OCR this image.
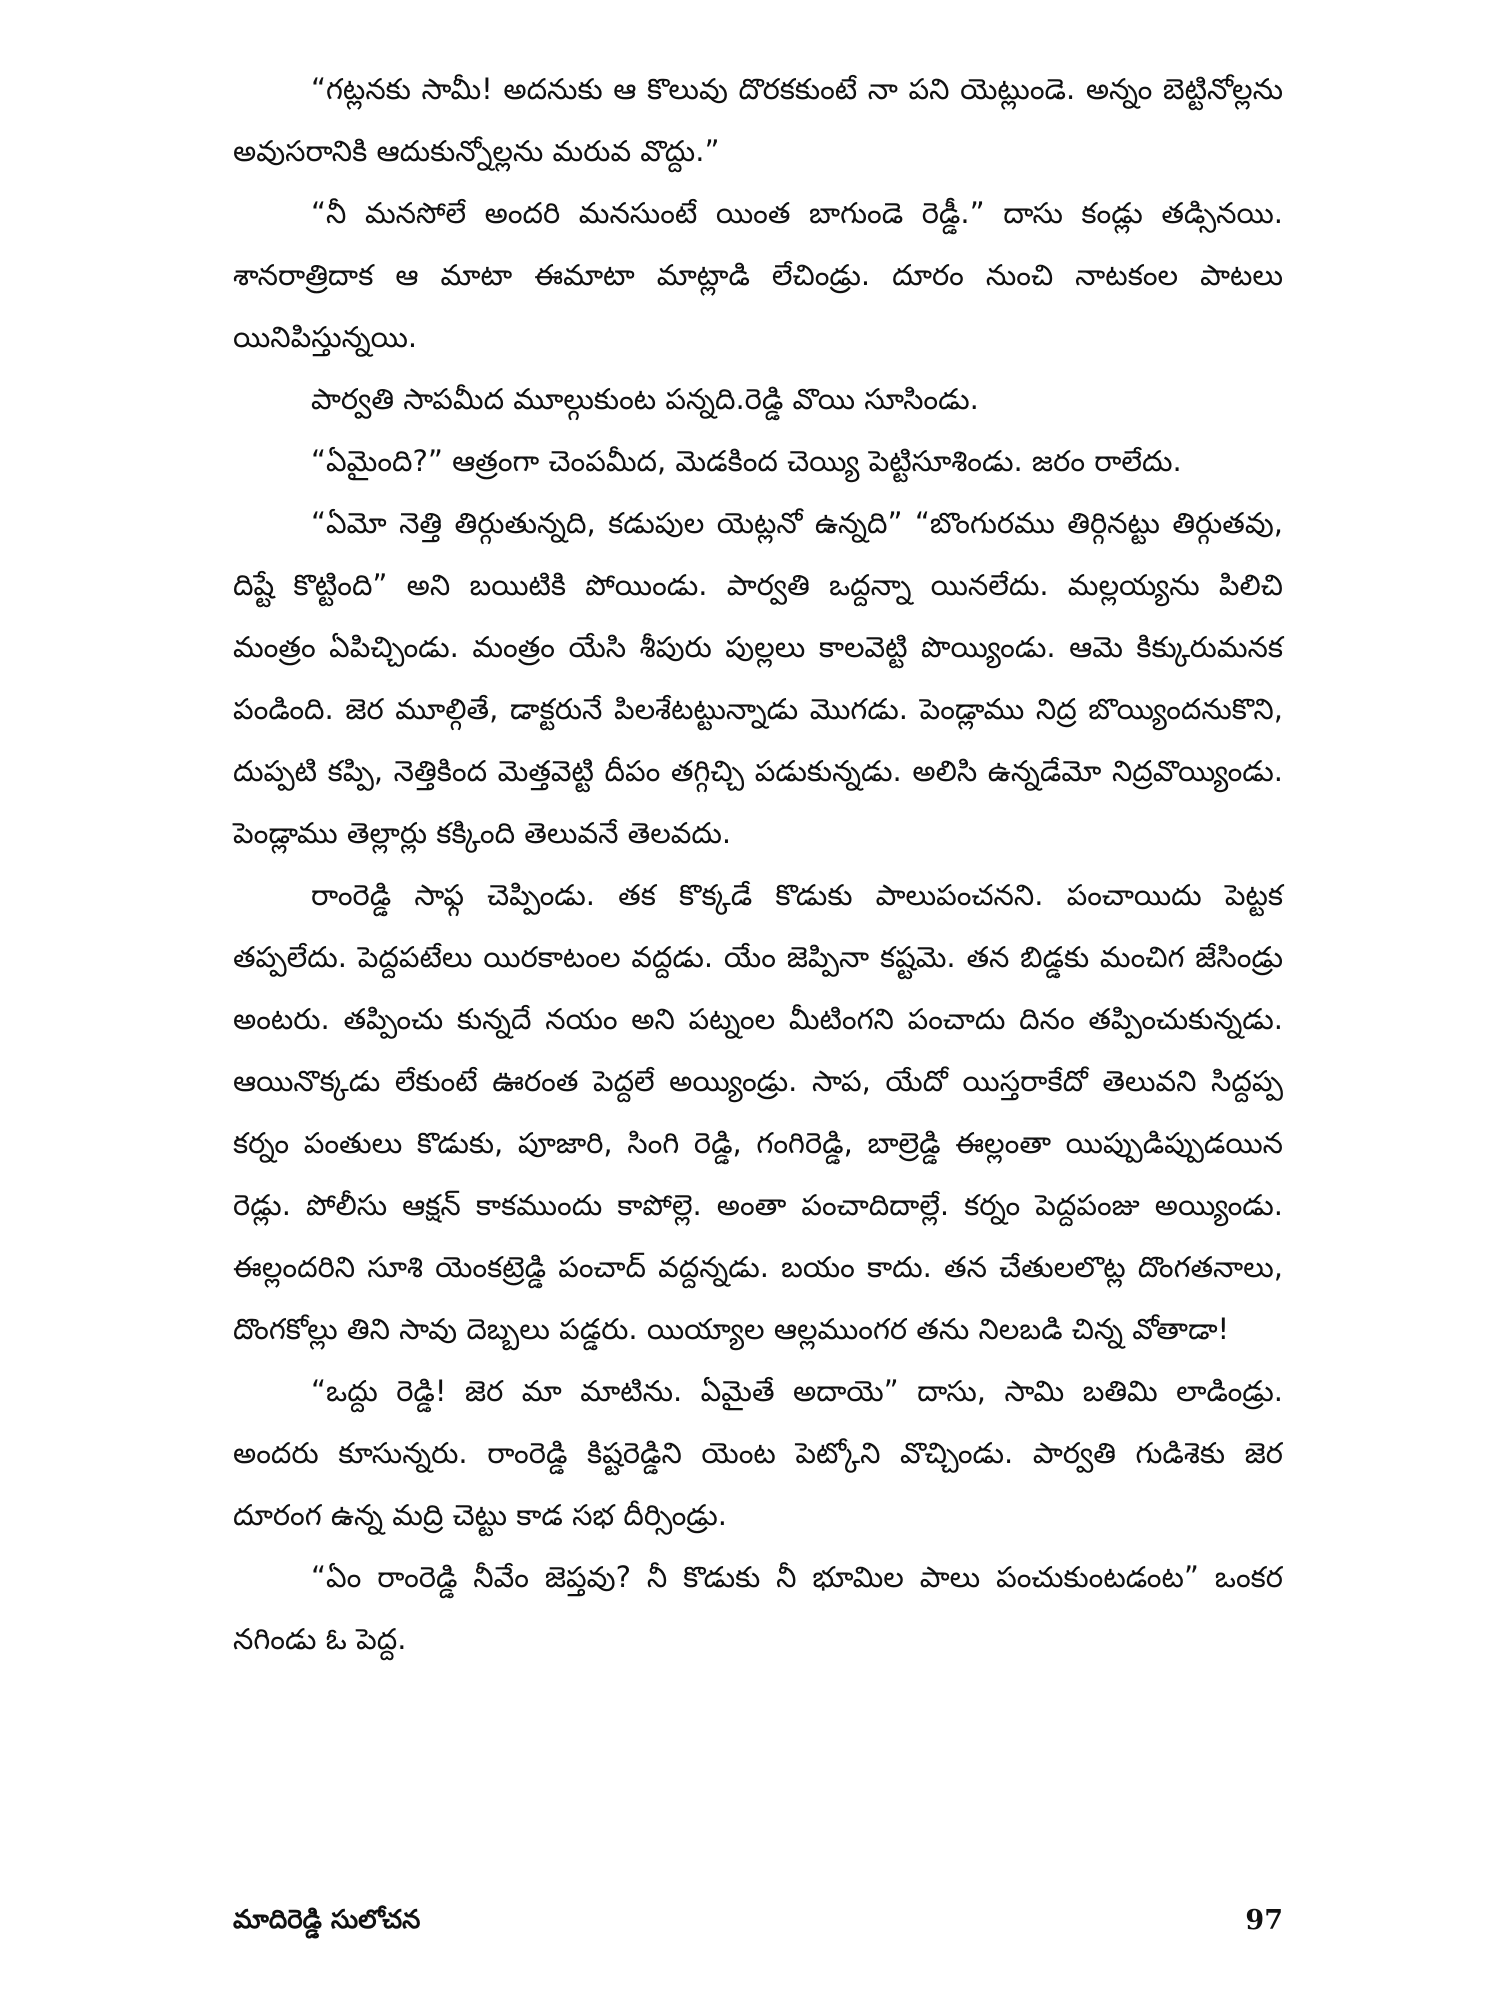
“గట్లనకు సామీ! అదనుకు ఆ కొలువు దొరకకుంటే నా పని యెట్లుండె. అన్నం బెట్టినోల్లను అవుసరానికి ఆదుకున్నోల్లను మరువ వొద్దు.”

“నీ మనసోలే అందరి మనసుంటే యింత బాగుండె రెడ్డీ.” దాసు కండ్లు తడ్సినయి. శానరాత్రిదాక ఆ మాటా ఈమాటా మాట్లాడి లేచిండ్రు. దూరం నుంచి నాటకంల పాటలు యినిపిస్తున్నయి.

పార్వతి సాపమీద మూల్గుకుంట పన్నది.రెడ్డి వొయి సూసిండు.

“ఏమైంది?” ఆత్రంగా చెంపమీద, మెడకింద చెయ్యి పెట్టిసూశిండు. జరం రాలేదు.

“ఏమో నెత్తి తిర్గుతున్నది, కడుపుల యెట్లనో ఉన్నది” “బొంగురము తిర్గినట్టు తిర్గుతవు, దిష్టే కొట్టింది” అని బయిటికి పోయిండు. పార్వతి ఒద్దన్నా యినలేదు. మల్లయ్యను పిలిచి మంత్రం ఏపిచ్చిండు. మంత్రం యేసి శీపురు పుల్లలు కాలవెట్టి పొయ్యిండు. ఆమె కిక్కురుమనక పండింది. జెర మూల్గితే, డాక్టరునే పిలశేటట్టున్నాడు మొగడు. పెండ్లాము నిద్ర బొయ్యిందనుకొని, దుప్పటి కప్పి, నెత్తికింద మెత్తవెట్టి దీపం తగ్గిచ్చి పడుకున్నడు. అలిసి ఉన్నడేమో నిద్రవొయ్యిండు. పెండ్లాము తెల్లార్లు కక్కింది తెలువనే తెలవదు.

రాంరెడ్డి సాఫ్గ చెప్పిండు. తక కొక్కడే కొడుకు పాలుపంచనని. పంచాయిదు పెట్టక తప్పలేదు. పెద్దపటేలు యిరకాటంల వద్దడు. యేం జెప్పినా కష్టమె. తన బిడ్డకు మంచిగ జేసిండ్రు అంటరు. తప్పించు కున్నదే నయం అని పట్నంల మీటింగని పంచాదు దినం తప్పించుకున్నడు. ఆయినొక్కడు లేకుంటే ఊరంత పెద్దలే అయ్యిండ్రు. సాప, యేదో యిస్తరాకేదో తెలువని సిద్దప్ప కర్నం పంతులు కొడుకు, పూజారి, సింగి రెడ్డి, గంగిరెడ్డి, బాల్రెడ్డి ఈల్లంతా యిప్పుడిప్పుడయిన రెడ్లు. పోలీసు ఆక్షన్ కాకముందు కాపోల్లె. అంతా పంచాదిదాల్లే. కర్నం పెద్దపంజు అయ్యిండు. ఈల్లందరిని సూశి యెంకట్రెడ్డి పంచాద్ వద్దన్నడు. బయం కాదు. తన చేతులలొట్ల దొంగతనాలు, దొంగకోల్లు తిని సావు దెబ్బలు పడ్డరు. యియ్యాల ఆల్లముంగర తను నిలబడి చిన్న వోతాడా!

“ఒద్దు రెడ్డి! జెర మా మాటిను. ఏమైతే అదాయె” దాసు, సామి బతిమి లాడిండ్రు. అందరు కూసున్నరు. రాంరెడ్డి కిష్టరెడ్డిని యెంట పెట్కోని వొచ్చిండు. పార్వతి గుడిశెకు జెర దూరంగ ఉన్న మద్రి చెట్టు కాడ సభ దీర్సిండ్రు.

“ఏం రాంరెడ్డి నీవేం జెప్తవు? నీ కొడుకు నీ భూమిల పాలు పంచుకుంటడంట” ఒంకర నగిండు ఓ పెద్ద.

మాదిరెడ్డి సులోచన	97
